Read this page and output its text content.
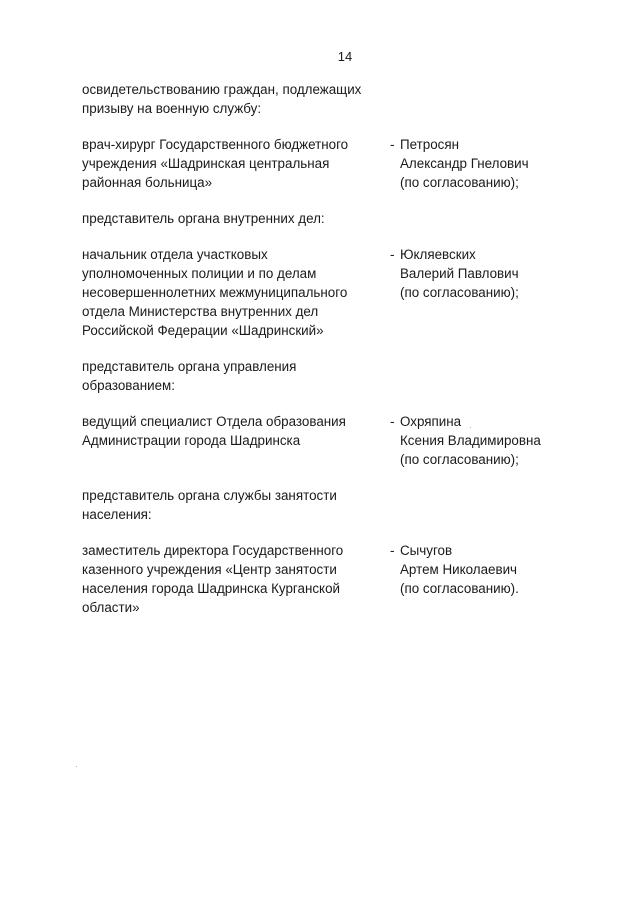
14
освидетельствованию граждан, подлежащих
призыву на военную службу:
врач-хирург Государственного бюджетного
учреждения «Шадринская центральная
районная больница»
- Петросян
Александр Гнелович
(по согласованию);
представитель органа внутренних дел:
начальник отдела участковых
уполномоченных полиции и по делам
несовершеннолетних межмуниципального
отдела Министерства внутренних дел
Российской Федерации «Шадринский»
- Юкляевских
Валерий Павлович
(по согласованию);
представитель органа управления
образованием:
ведущий специалист Отдела образования
Администрации города Шадринска
- Охряпина
Ксения Владимировна
(по согласованию);
представитель органа службы занятости
населения:
заместитель директора Государственного
казенного учреждения «Центр занятости
населения города Шадринска Курганской
области»
- Сычугов
Артем Николаевич
(по согласованию).
